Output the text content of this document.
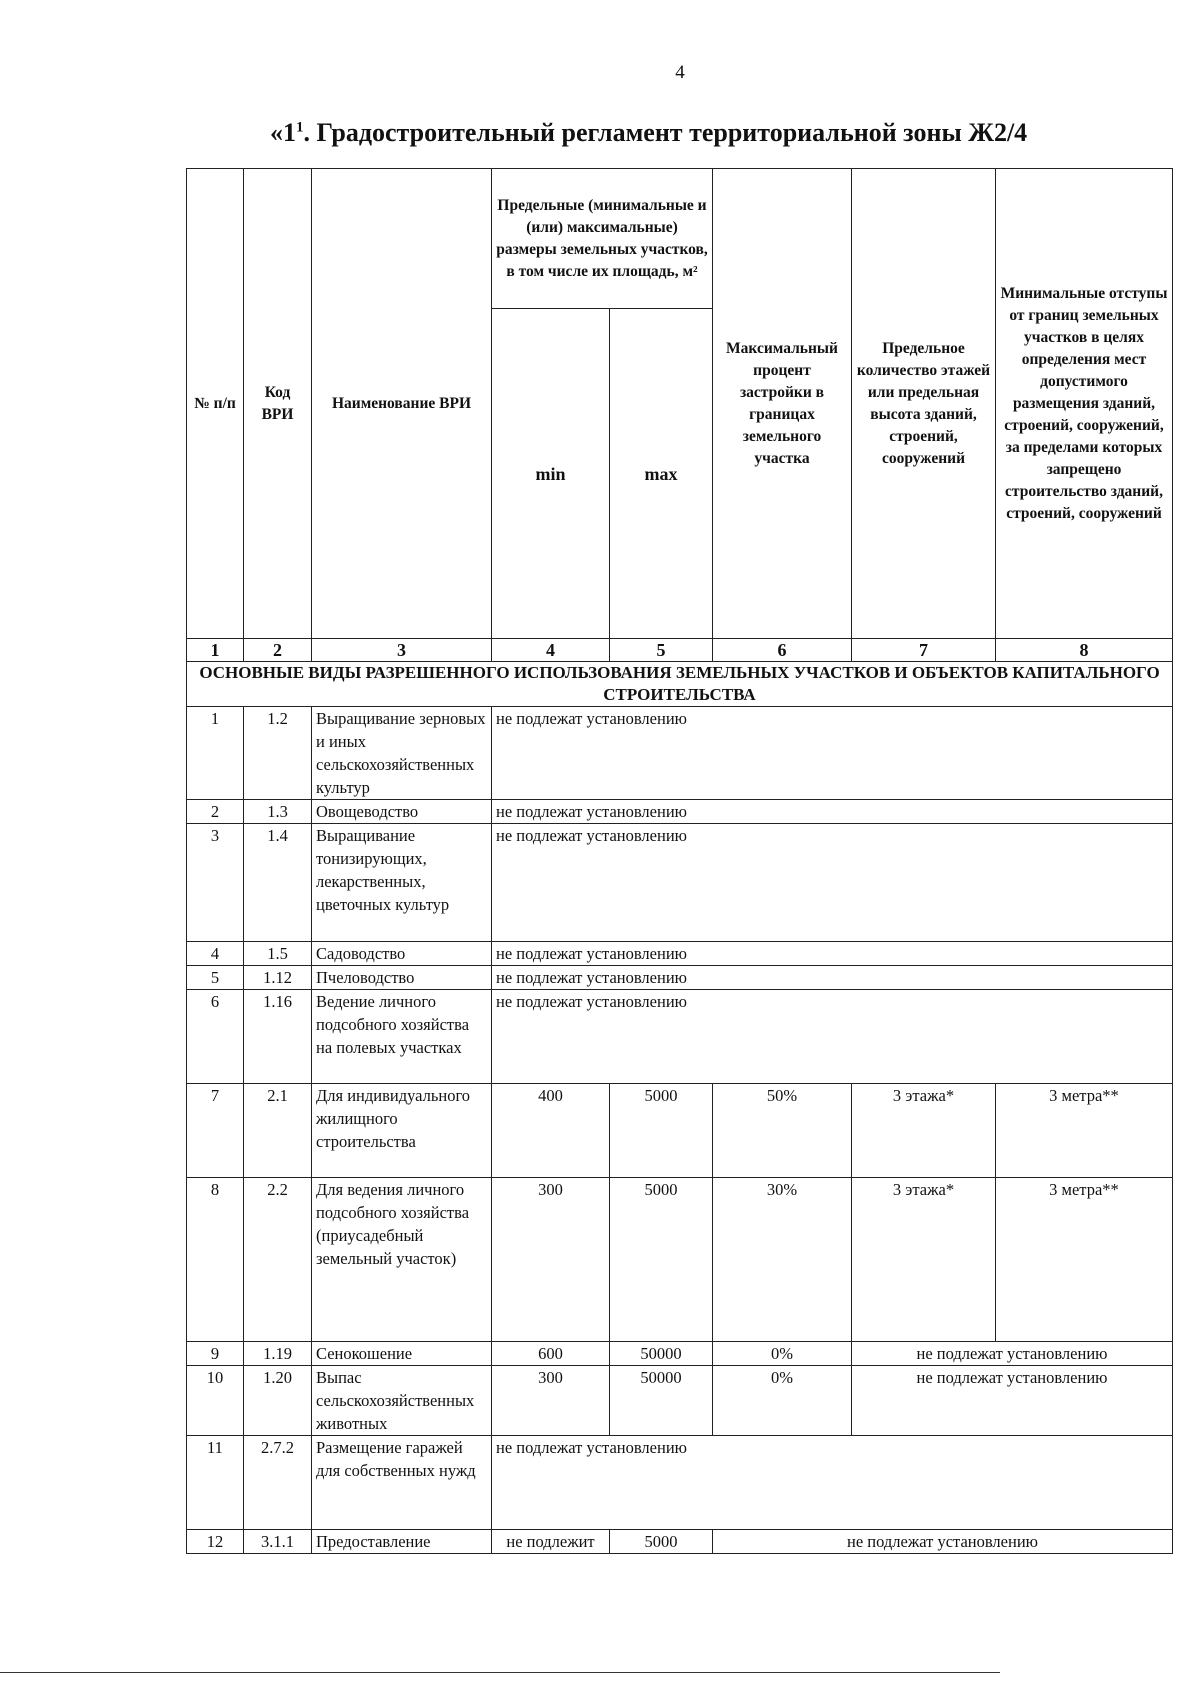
4
«$1^1$. Градостроительный регламент территориальной зоны Ж2/4
№ п/п	Код ВРИ	Наименование ВРИ	Предельные (минимальные и (или) максимальные) размеры земельных участков, в том числе их площадь, м²		Максимальный процент застройки в границах земельного участка	Предельное количество этажей или предельная высота зданий, строений, сооружений	Минимальные отступы от границ земельных участков в целях определения мест допустимого размещения зданий, строений, сооружений, за пределами которых запрещено строительство зданий, строений, сооружений
			min	max			
1	2	3	4	5	6	7	8
ОСНОВНЫЕ ВИДЫ РАЗРЕШЕННОГО ИСПОЛЬЗОВАНИЯ ЗЕМЕЛЬНЫХ УЧАСТКОВ И ОБЪЕКТОВ КАПИТАЛЬНОГО СТРОИТЕЛЬСТВА							
1	1.2	Выращивание зерновых и иных сельскохозяйственных культур	не подлежат установлению				
2	1.3	Овощеводство	не подлежат установлению				
3	1.4	Выращивание тонизирующих, лекарственных, цветочных культур	не подлежат установлению				
4	1.5	Садоводство	не подлежат установлению				
5	1.12	Пчеловодство	не подлежат установлению				
6	1.16	Ведение личного подсобного хозяйства на полевых участках	не подлежат установлению				
7	2.1	Для индивидуального жилищного строительства	400	5000	50%	3 этажа*	3 метра**
8	2.2	Для ведения личного подсобного хозяйства (приусадебный земельный участок)	300	5000	30%	3 этажа*	3 метра**
9	1.19	Сенокошение	600	50000	0%	не подлежат установлению	
10	1.20	Выпас сельскохозяйственных животных	300	50000	0%	не подлежат установлению	
11	2.7.2	Размещение гаражей для собственных нужд	не подлежат установлению				
12	3.1.1	Предоставление	не подлежит	5000	не подлежат установлению		
